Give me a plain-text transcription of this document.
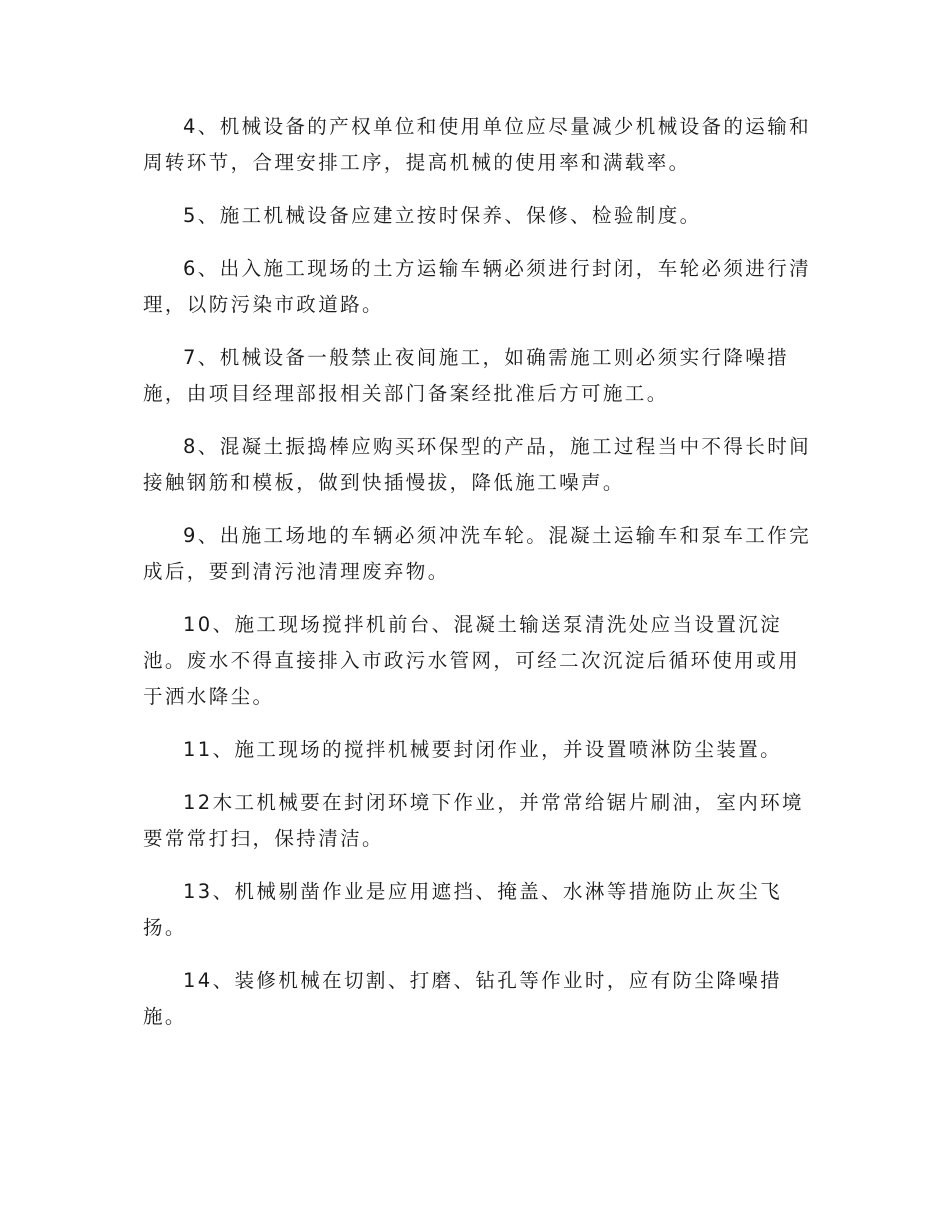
4、机械设备的产权单位和使用单位应尽量减少机械设备的运输和
周转环节，合理安排工序，提高机械的使用率和满载率。

5、施工机械设备应建立按时保养、保修、检验制度。

6、出入施工现场的土方运输车辆必须进行封闭，车轮必须进行清
理，以防污染市政道路。

7、机械设备一般禁止夜间施工，如确需施工则必须实行降噪措
施，由项目经理部报相关部门备案经批准后方可施工。

8、混凝土振捣棒应购买环保型的产品，施工过程当中不得长时间
接触钢筋和模板，做到快插慢拔，降低施工噪声。

9、出施工场地的车辆必须冲洗车轮。混凝土运输车和泵车工作完
成后，要到清污池清理废弃物。

10、施工现场搅拌机前台、混凝土输送泵清洗处应当设置沉淀
池。废水不得直接排入市政污水管网，可经二次沉淀后循环使用或用
于洒水降尘。

11、施工现场的搅拌机械要封闭作业，并设置喷淋防尘装置。

12木工机械要在封闭环境下作业，并常常给锯片刷油，室内环境
要常常打扫，保持清洁。

13、机械剔凿作业是应用遮挡、掩盖、水淋等措施防止灰尘飞
扬。

14、装修机械在切割、打磨、钻孔等作业时，应有防尘降噪措
施。
